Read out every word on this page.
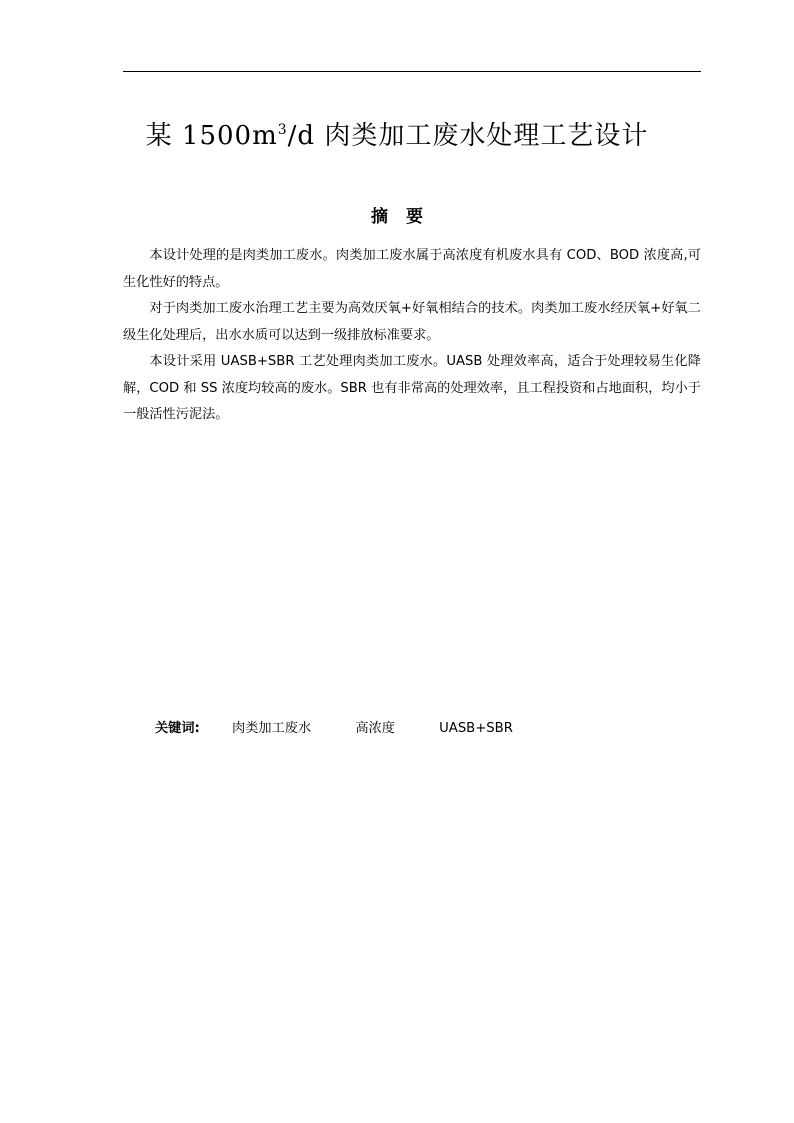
某 $1500m^3/d$ 肉类加工废水处理工艺设计
摘要

本设计处理的是肉类加工废水。肉类加工废水属于高浓度有机废水具有 COD、BOD 浓度高,可生化性好的特点。

对于肉类加工废水治理工艺主要为高效厌氧+好氧相结合的技术。肉类加工废水经厌氧+好氧二级生化处理后，出水水质可以达到一级排放标准要求。

本设计采用 UASB+SBR 工艺处理肉类加工废水。UASB 处理效率高，适合于处理较易生化降解，COD 和 SS 浓度均较高的废水。SBR 也有非常高的处理效率，且工程投资和占地面积，均小于一般活性污泥法。

关键词: 肉类加工废水	高浓度	UASB+SBR
